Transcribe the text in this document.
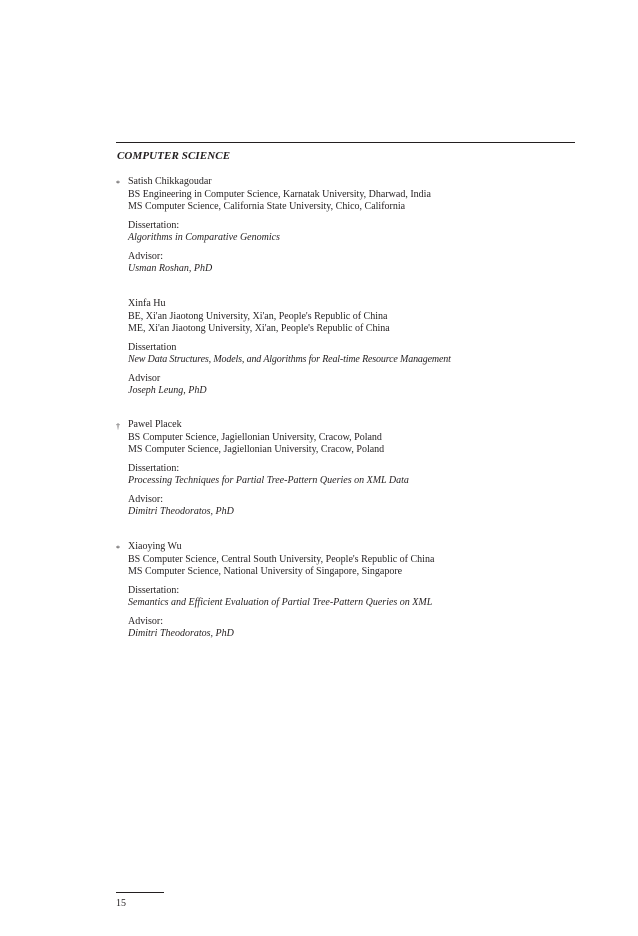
COMPUTER SCIENCE
* Satish Chikkagoudar
BS Engineering in Computer Science, Karnatak University, Dharwad, India
MS Computer Science, California State University, Chico, California
Dissertation:
Algorithms in Comparative Genomics
Advisor:
Usman Roshan, PhD
Xinfa Hu
BE, Xi'an Jiaotong University, Xi'an, People's Republic of China
ME, Xi'an Jiaotong University, Xi'an, People's Republic of China
Dissertation
New Data Structures, Models, and Algorithms for Real-time Resource Management
Advisor
Joseph Leung, PhD
† Pawel Placek
BS Computer Science, Jagiellonian University, Cracow, Poland
MS Computer Science, Jagiellonian University, Cracow, Poland
Dissertation:
Processing Techniques for Partial Tree-Pattern Queries on XML Data
Advisor:
Dimitri Theodoratos, PhD
* Xiaoying Wu
BS Computer Science, Central South University, People's Republic of China
MS Computer Science, National University of Singapore, Singapore
Dissertation:
Semantics and Efficient Evaluation of Partial Tree-Pattern Queries on XML
Advisor:
Dimitri Theodoratos, PhD
15
